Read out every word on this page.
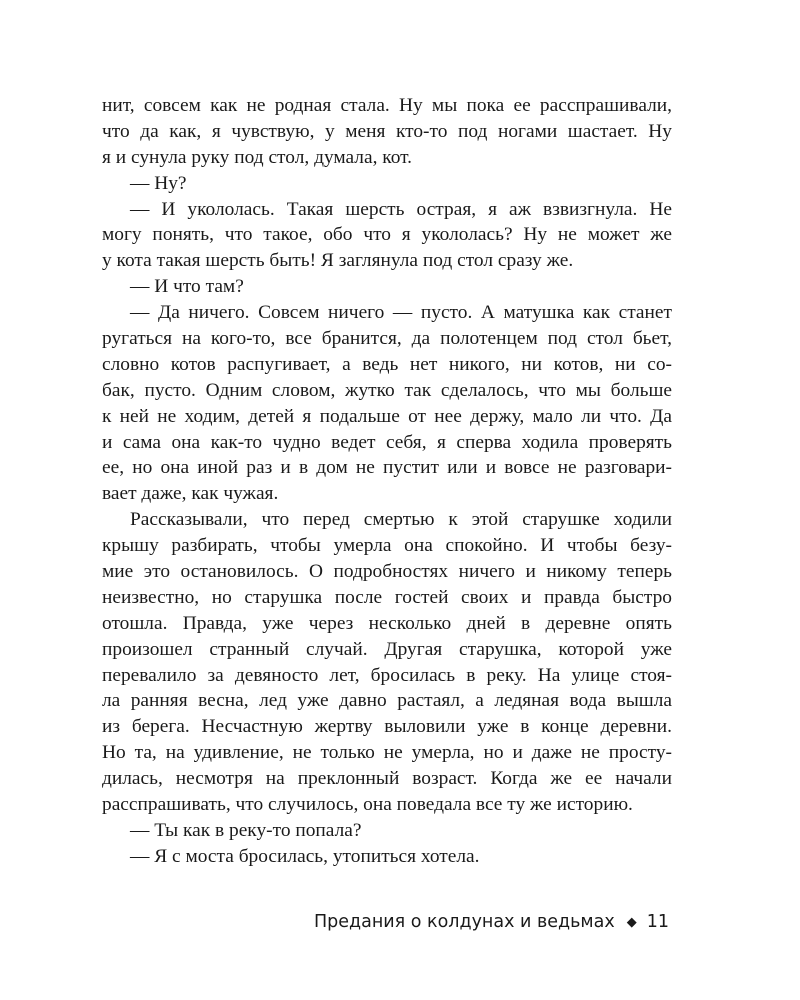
нит, совсем как не родная стала. Ну мы пока ее расспрашивали,
что да как, я чувствую, у меня кто-то под ногами шастает. Ну
я и сунула руку под стол, думала, кот.
— Ну?
— И укололась. Такая шерсть острая, я аж взвизгнула. Не
могу понять, что такое, обо что я укололась? Ну не может же
у кота такая шерсть быть! Я заглянула под стол сразу же.
— И что там?
— Да ничего. Совсем ничего — пусто. А матушка как станет
ругаться на кого-то, все бранится, да полотенцем под стол бьет,
словно котов распугивает, а ведь нет никого, ни котов, ни со-
бак, пусто. Одним словом, жутко так сделалось, что мы больше
к ней не ходим, детей я подальше от нее держу, мало ли что. Да
и сама она как-то чудно ведет себя, я сперва ходила проверять
ее, но она иной раз и в дом не пустит или и вовсе не разговари-
вает даже, как чужая.
Рассказывали, что перед смертью к этой старушке ходили
крышу разбирать, чтобы умерла она спокойно. И чтобы безу-
мие это остановилось. О подробностях ничего и никому теперь
неизвестно, но старушка после гостей своих и правда быстро
отошла. Правда, уже через несколько дней в деревне опять
произошел странный случай. Другая старушка, которой уже
перевалило за девяносто лет, бросилась в реку. На улице стоя-
ла ранняя весна, лед уже давно растаял, а ледяная вода вышла
из берега. Несчастную жертву выловили уже в конце деревни.
Но та, на удивление, не только не умерла, но и даже не просту-
дилась, несмотря на преклонный возраст. Когда же ее начали
расспрашивать, что случилось, она поведала все ту же историю.
— Ты как в реку-то попала?
— Я с моста бросилась, утопиться хотела.
Предания о колдунах и ведьмах ◆ 11
